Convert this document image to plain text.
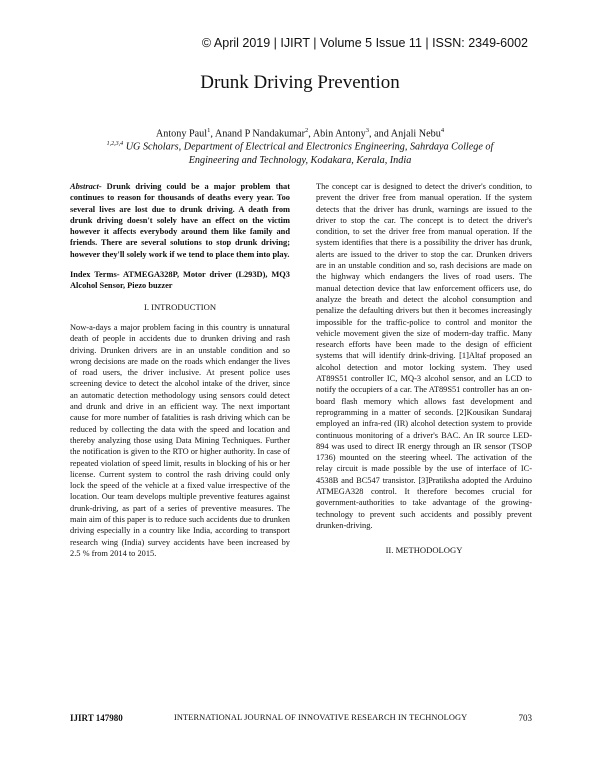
© April 2019 | IJIRT | Volume 5 Issue 11 | ISSN: 2349-6002
Drunk Driving Prevention
Antony Paul$^1$, Anand P Nandakumar$^2$, Abin Antony$^3$, and Anjali Nebu$^4$
$^{1,2,3,4}$ UG Scholars, Department of Electrical and Electronics Engineering, Sahrdaya College of Engineering and Technology, Kodakara, Kerala, India
Abstract- Drunk driving could be a major problem that continues to reason for thousands of deaths every year. Too several lives are lost due to drunk driving. A death from drunk driving doesn't solely have an effect on the victim however it affects everybody around them like family and friends. There are several solutions to stop drunk driving; however they'll solely work if we tend to place them into play.
Index Terms- ATMEGA328P, Motor driver (L293D), MQ3 Alcohol Sensor, Piezo buzzer
I. INTRODUCTION
Now-a-days a major problem facing in this country is unnatural death of people in accidents due to drunken driving and rash driving. Drunken drivers are in an unstable condition and so wrong decisions are made on the roads which endanger the lives of road users, the driver inclusive. At present police uses screening device to detect the alcohol intake of the driver, since an automatic detection methodology using sensors could detect and drunk and drive in an efficient way. The next important cause for more number of fatalities is rash driving which can be reduced by collecting the data with the speed and location and thereby analyzing those using Data Mining Techniques. Further the notification is given to the RTO or higher authority. In case of repeated violation of speed limit, results in blocking of his or her license. Current system to control the rash driving could only lock the speed of the vehicle at a fixed value irrespective of the location. Our team develops multiple preventive features against drunk-driving, as part of a series of preventive measures. The main aim of this paper is to reduce such accidents due to drunken driving especially in a country like India, according to transport research wing (India) survey accidents have been increased by 2.5 % from 2014 to 2015.
The concept car is designed to detect the driver's condition, to prevent the driver free from manual operation. If the system detects that the driver has drunk, warnings are issued to the driver to stop the car. The concept is to detect the driver's condition, to set the driver free from manual operation. If the system identifies that there is a possibility the driver has drunk, alerts are issued to the driver to stop the car. Drunken drivers are in an unstable condition and so, rash decisions are made on the highway which endangers the lives of road users. The manual detection device that law enforcement officers use, do analyze the breath and detect the alcohol consumption and penalize the defaulting drivers but then it becomes increasingly impossible for the traffic-police to control and monitor the vehicle movement given the size of modern-day traffic. Many research efforts have been made to the design of efficient systems that will identify drink-driving. [1]Altaf proposed an alcohol detection and motor locking system. They used AT89S51 controller IC, MQ-3 alcohol sensor, and an LCD to notify the occupiers of a car. The AT89S51 controller has an on-board flash memory which allows fast development and reprogramming in a matter of seconds. [2]Kousikan Sundaraj employed an infra-red (IR) alcohol detection system to provide continuous monitoring of a driver's BAC. An IR source LED-894 was used to direct IR energy through an IR sensor (TSOP 1736) mounted on the steering wheel. The activation of the relay circuit is made possible by the use of interface of IC-4538B and BC547 transistor. [3]Pratiksha adopted the Arduino ATMEGA328 control. It therefore becomes crucial for government-authorities to take advantage of the growing-technology to prevent such accidents and possibly prevent drunken-driving.
II. METHODOLOGY
IJIRT 147980	INTERNATIONAL JOURNAL OF INNOVATIVE RESEARCH IN TECHNOLOGY	703
